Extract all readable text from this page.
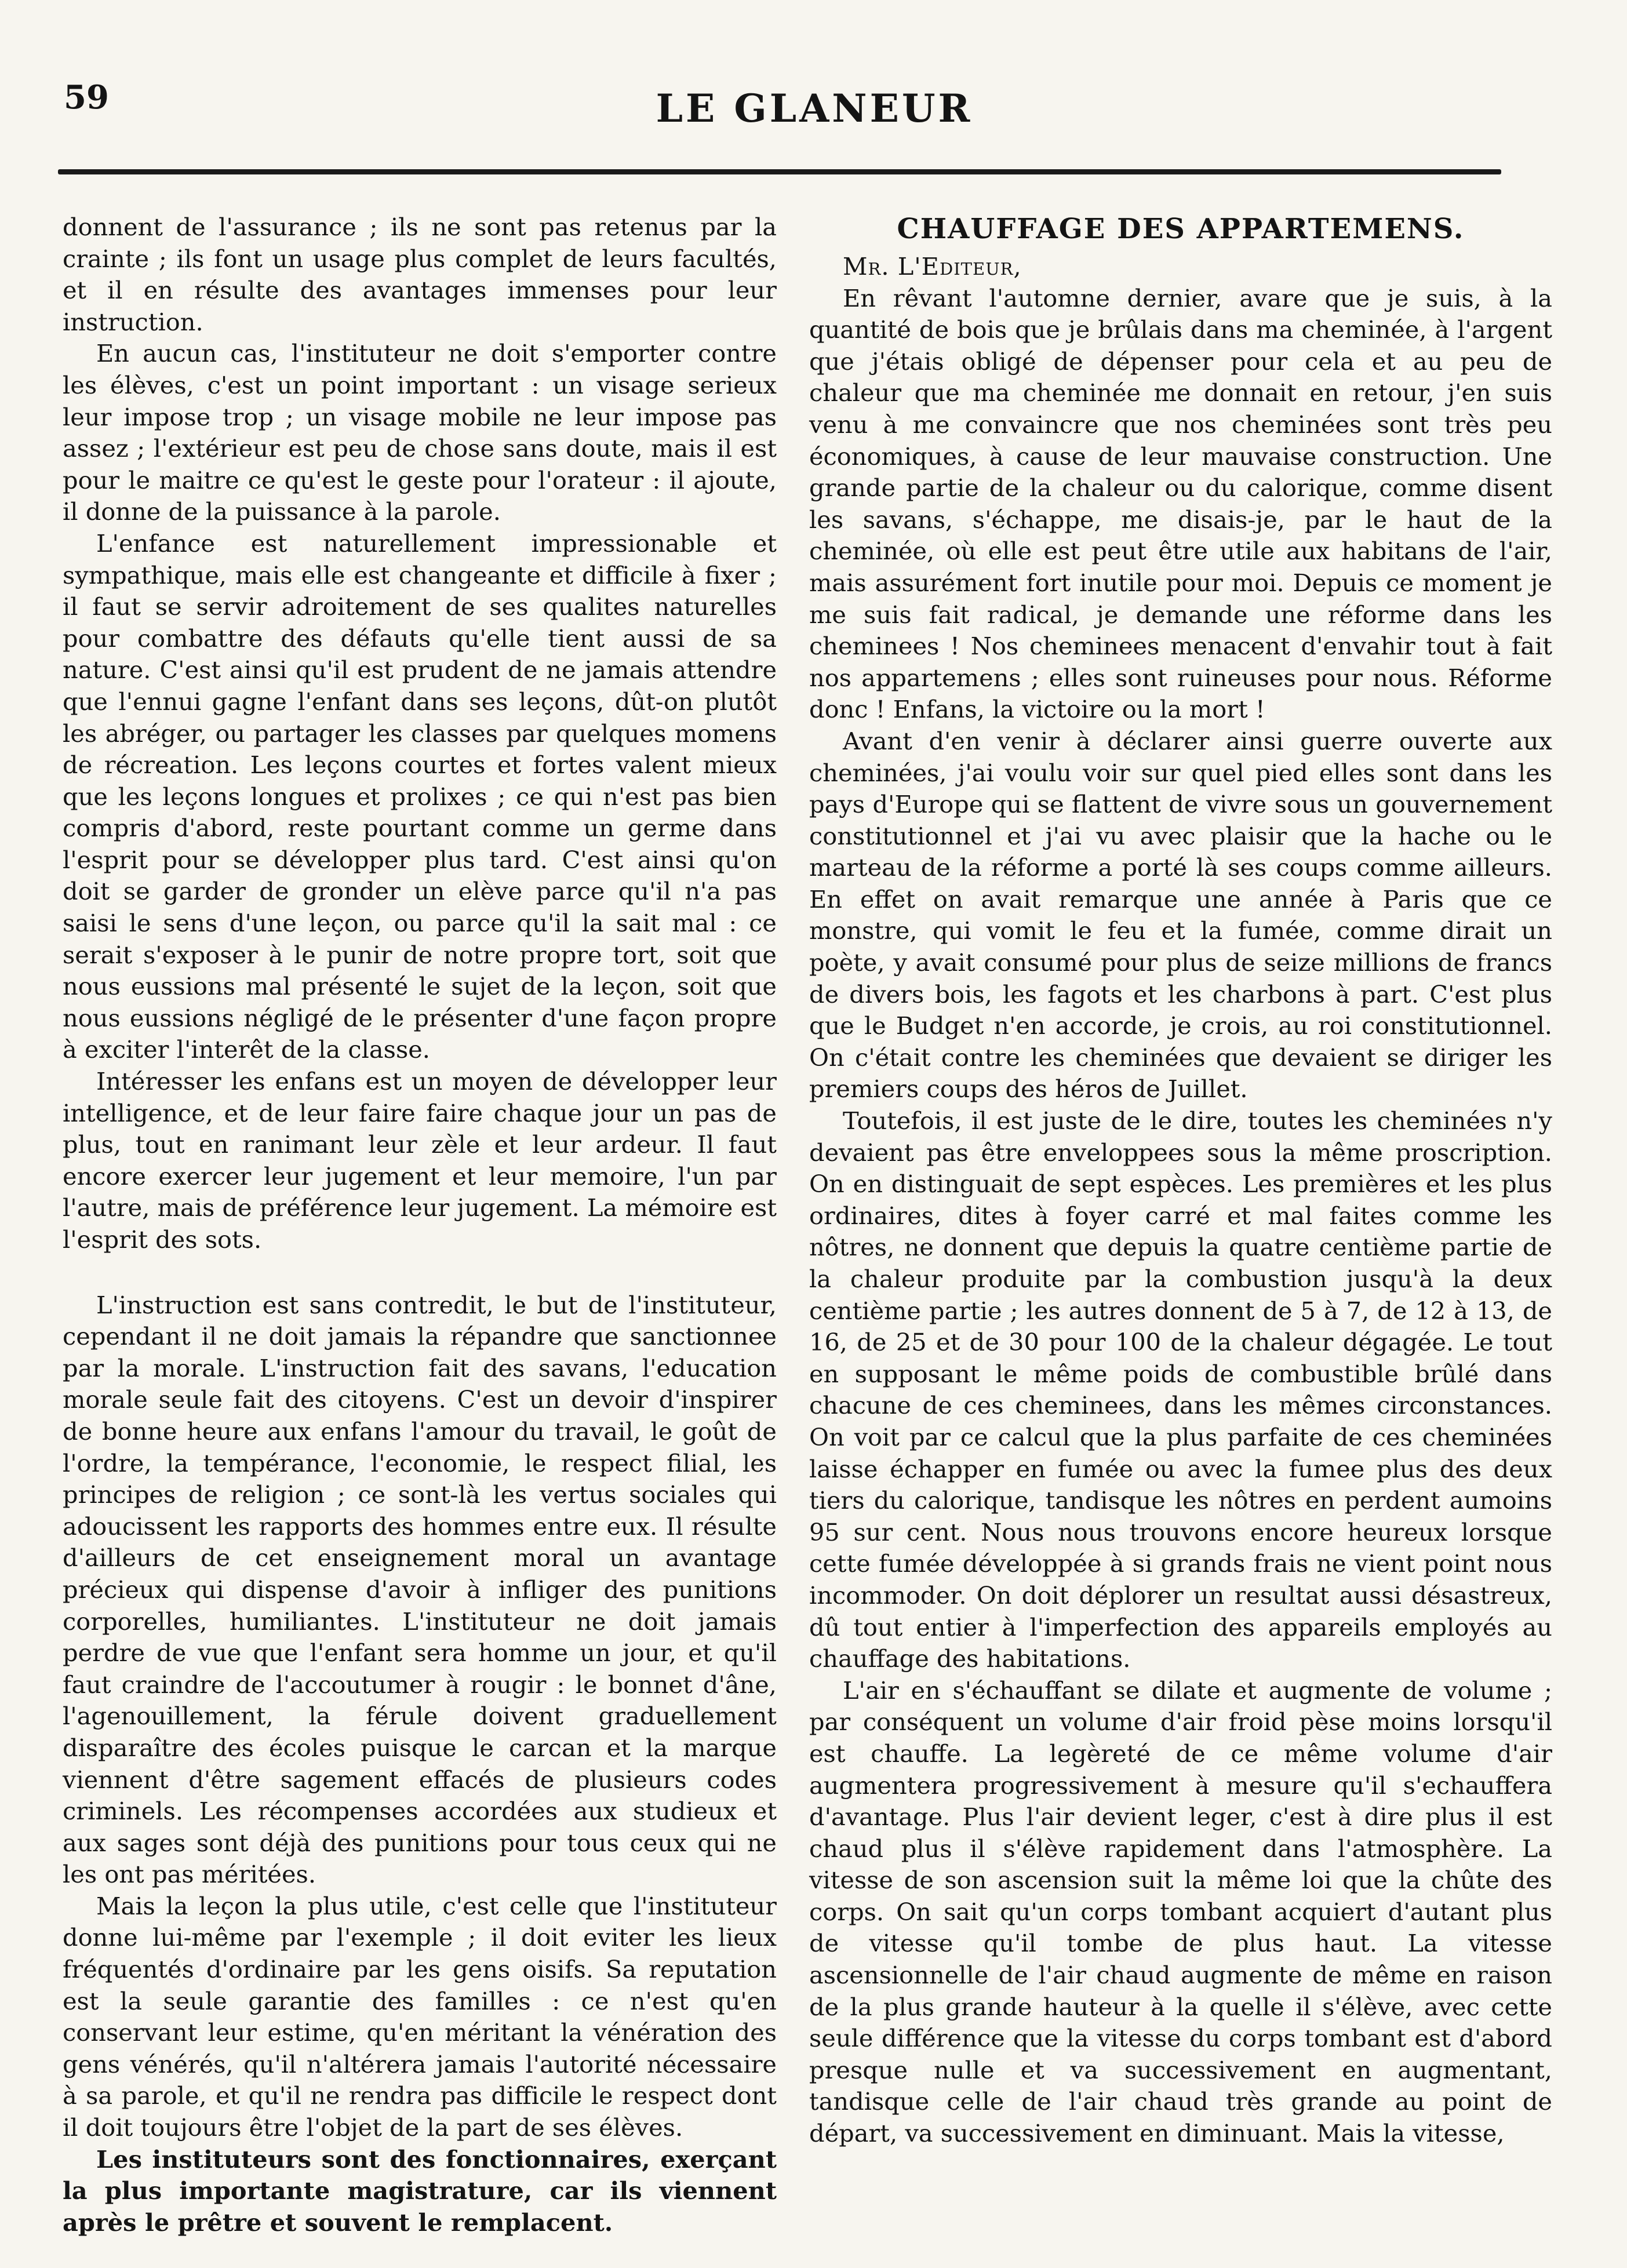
59	LE GLANEUR

donnent de l'assurance ; ils ne sont pas retenus par la crainte ; ils font un usage plus complet de leurs facultés, et il en résulte des avantages immenses pour leur instruction.

En aucun cas, l'instituteur ne doit s'emporter contre les élèves, c'est un point important : un visage serieux leur impose trop ; un visage mobile ne leur impose pas assez ; l'extérieur est peu de chose sans doute, mais il est pour le maitre ce qu'est le geste pour l'orateur : il ajoute, il donne de la puissance à la parole.

L'enfance est naturellement impressionable et sympathique, mais elle est changeante et difficile à fixer ; il faut se servir adroitement de ses qualites naturelles pour combattre des défauts qu'elle tient aussi de sa nature. C'est ainsi qu'il est prudent de ne jamais attendre que l'ennui gagne l'enfant dans ses leçons, dût-on plutôt les abréger, ou partager les classes par quelques momens de récreation. Les leçons courtes et fortes valent mieux que les leçons longues et prolixes ; ce qui n'est pas bien compris d'abord, reste pourtant comme un germe dans l'esprit pour se développer plus tard. C'est ainsi qu'on doit se garder de gronder un elève parce qu'il n'a pas saisi le sens d'une leçon, ou parce qu'il la sait mal : ce serait s'exposer à le punir de notre propre tort, soit que nous eussions mal présenté le sujet de la leçon, soit que nous eussions négligé de le présenter d'une façon propre à exciter l'interêt de la classe.

Intéresser les enfans est un moyen de développer leur intelligence, et de leur faire faire chaque jour un pas de plus, tout en ranimant leur zèle et leur ardeur. Il faut encore exercer leur jugement et leur memoire, l'un par l'autre, mais de préférence leur jugement. La mémoire est l'esprit des sots.

L'instruction est sans contredit, le but de l'instituteur, cependant il ne doit jamais la répandre que sanctionnee par la morale. L'instruction fait des savans, l'education morale seule fait des citoyens. C'est un devoir d'inspirer de bonne heure aux enfans l'amour du travail, le goût de l'ordre, la tempérance, l'economie, le respect filial, les principes de religion ; ce sont-là les vertus sociales qui adoucissent les rapports des hommes entre eux. Il résulte d'ailleurs de cet enseignement moral un avantage précieux qui dispense d'avoir à infliger des punitions corporelles, humiliantes. L'instituteur ne doit jamais perdre de vue que l'enfant sera homme un jour, et qu'il faut craindre de l'accoutumer à rougir : le bonnet d'âne, l'agenouillement, la férule doivent graduellement disparaître des écoles puisque le carcan et la marque viennent d'être sagement effacés de plusieurs codes criminels. Les récompenses accordées aux studieux et aux sages sont déjà des punitions pour tous ceux qui ne les ont pas méritées.

Mais la leçon la plus utile, c'est celle que l'instituteur donne lui-même par l'exemple ; il doit eviter les lieux fréquentés d'ordinaire par les gens oisifs. Sa reputation est la seule garantie des familles : ce n'est qu'en conservant leur estime, qu'en méritant la vénération des gens vénérés, qu'il n'altérera jamais l'autorité nécessaire à sa parole, et qu'il ne rendra pas difficile le respect dont il doit toujours être l'objet de la part de ses élèves.

Les instituteurs sont des fonctionnaires, exerçant la plus importante magistrature, car ils viennent après le prêtre et souvent le remplacent.

CHAUFFAGE DES APPARTEMENS.

Mr. L'Editeur,

En rêvant l'automne dernier, avare que je suis, à la quantité de bois que je brûlais dans ma cheminée, à l'argent que j'étais obligé de dépenser pour cela et au peu de chaleur que ma cheminée me donnait en retour, j'en suis venu à me convaincre que nos cheminées sont très peu économiques, à cause de leur mauvaise construction. Une grande partie de la chaleur ou du calorique, comme disent les savans, s'échappe, me disais-je, par le haut de la cheminée, où elle est peut être utile aux habitans de l'air, mais assurément fort inutile pour moi. Depuis ce moment je me suis fait radical, je demande une réforme dans les cheminees ! Nos cheminees menacent d'envahir tout à fait nos appartemens ; elles sont ruineuses pour nous. Réforme donc ! Enfans, la victoire ou la mort !

Avant d'en venir à déclarer ainsi guerre ouverte aux cheminées, j'ai voulu voir sur quel pied elles sont dans les pays d'Europe qui se flattent de vivre sous un gouvernement constitutionnel et j'ai vu avec plaisir que la hache ou le marteau de la réforme a porté là ses coups comme ailleurs. En effet on avait remarque une année à Paris que ce monstre, qui vomit le feu et la fumée, comme dirait un poète, y avait consumé pour plus de seize millions de francs de divers bois, les fagots et les charbons à part. C'est plus que le Budget n'en accorde, je crois, au roi constitutionnel. On c'était contre les cheminées que devaient se diriger les premiers coups des héros de Juillet.

Toutefois, il est juste de le dire, toutes les cheminées n'y devaient pas être enveloppees sous la même proscription. On en distinguait de sept espèces. Les premières et les plus ordinaires, dites à foyer carré et mal faites comme les nôtres, ne donnent que depuis la quatre centième partie de la chaleur produite par la combustion jusqu'à la deux centième partie ; les autres donnent de 5 à 7, de 12 à 13, de 16, de 25 et de 30 pour 100 de la chaleur dégagée. Le tout en supposant le même poids de combustible brûlé dans chacune de ces cheminees, dans les mêmes circonstances. On voit par ce calcul que la plus parfaite de ces cheminées laisse échapper en fumée ou avec la fumee plus des deux tiers du calorique, tandisque les nôtres en perdent aumoins 95 sur cent. Nous nous trouvons encore heureux lorsque cette fumée développée à si grands frais ne vient point nous incommoder. On doit déplorer un resultat aussi désastreux, dû tout entier à l'imperfection des appareils employés au chauffage des habitations.

L'air en s'échauffant se dilate et augmente de volume ; par conséquent un volume d'air froid pèse moins lorsqu'il est chauffe. La legèreté de ce même volume d'air augmentera progressivement à mesure qu'il s'echauffera d'avantage. Plus l'air devient leger, c'est à dire plus il est chaud plus il s'élève rapidement dans l'atmosphère. La vitesse de son ascension suit la même loi que la chûte des corps. On sait qu'un corps tombant acquiert d'autant plus de vitesse qu'il tombe de plus haut. La vitesse ascensionnelle de l'air chaud augmente de même en raison de la plus grande hauteur à la quelle il s'élève, avec cette seule différence que la vitesse du corps tombant est d'abord presque nulle et va successivement en augmentant, tandisque celle de l'air chaud très grande au point de départ, va successivement en diminuant. Mais la vitesse,
